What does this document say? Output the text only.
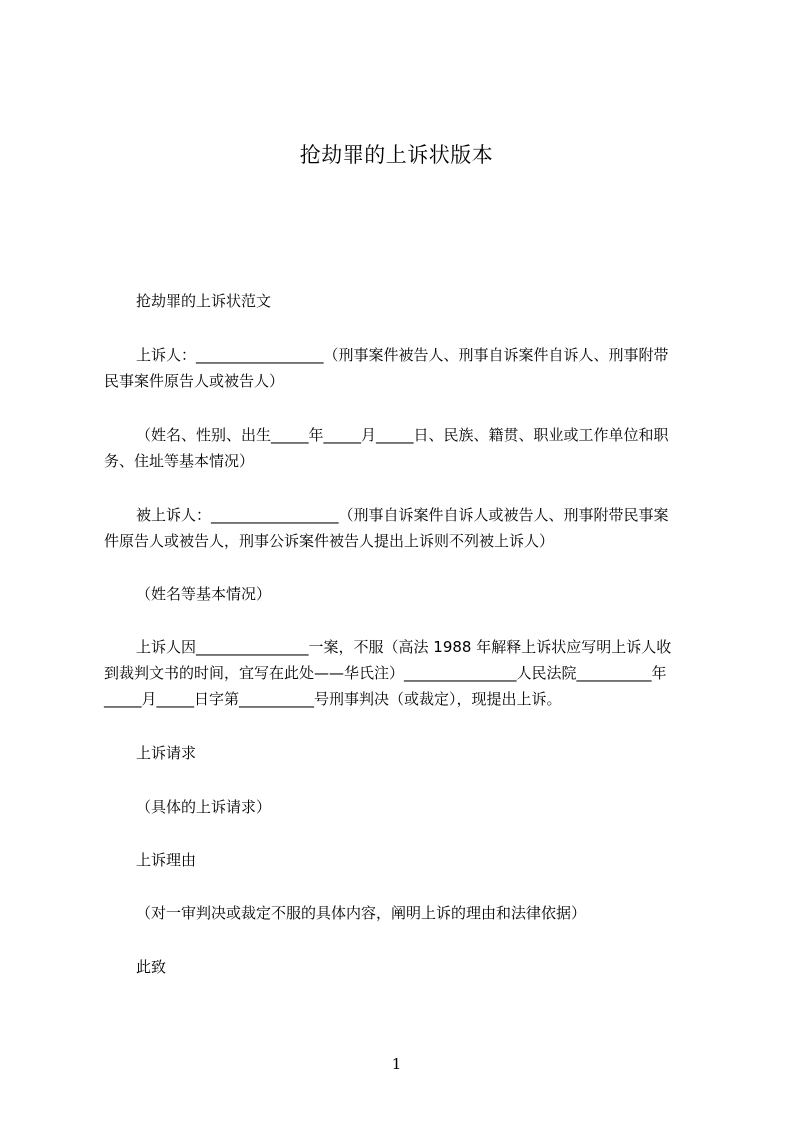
抢劫罪的上诉状版本
抢劫罪的上诉状范文
上诉人：_________________（刑事案件被告人、刑事自诉案件自诉人、刑事附带
民事案件原告人或被告人）
（姓名、性别、出生_____年_____月_____日、民族、籍贯、职业或工作单位和职
务、住址等基本情况）
被上诉人：_________________（刑事自诉案件自诉人或被告人、刑事附带民事案
件原告人或被告人，刑事公诉案件被告人提出上诉则不列被上诉人）
（姓名等基本情况）
上诉人因_______________一案，不服（高法 1988 年解释上诉状应写明上诉人收
到裁判文书的时间，宜写在此处——华氏注）_______________人民法院__________年
_____月_____日字第__________号刑事判决（或裁定），现提出上诉。
上诉请求
（具体的上诉请求）
上诉理由
（对一审判决或裁定不服的具体内容，阐明上诉的理由和法律依据）
此致
1
